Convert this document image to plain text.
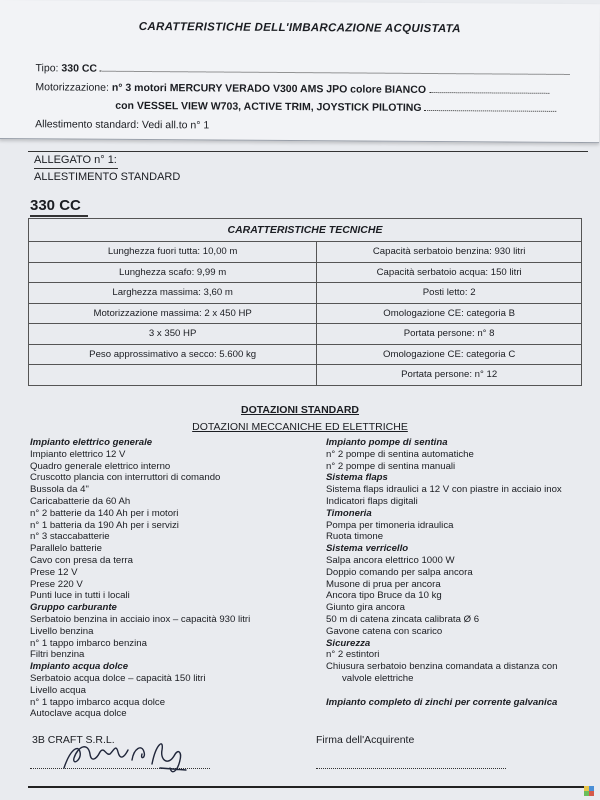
CARATTERISTICHE DELL'IMBARCAZIONE ACQUISTATA
Tipo: 330 CC
Motorizzazione: n° 3 motori MERCURY VERADO V300 AMS JPO colore BIANCO
con VESSEL VIEW W703, ACTIVE TRIM, JOYSTICK PILOTING
Allestimento standard: Vedi all.to n° 1
ALLEGATO n° 1:
ALLESTIMENTO STANDARD
330 CC
CARATTERISTICHE TECNICHE	
Lunghezza fuori tutta: 10,00 m	Capacità serbatoio benzina: 930 litri
Lunghezza scafo: 9,99 m	Capacità serbatoio acqua: 150 litri
Larghezza massima: 3,60 m	Posti letto: 2
Motorizzazione massima: 2 x 450 HP	Omologazione CE: categoria B
3 x 350 HP	Portata persone: n° 8
Peso approssimativo a secco: 5.600 kg	Omologazione CE: categoria C
	Portata persone: n° 12
DOTAZIONI STANDARD
DOTAZIONI MECCANICHE ED ELETTRICHE
Impianto elettrico generale
Impianto elettrico 12 V
Quadro generale elettrico interno
Cruscotto plancia con interruttori di comando
Bussola da 4"
Caricabatterie da 60 Ah
n° 2 batterie da 140 Ah per i motori
n° 1 batteria da 190 Ah per i servizi
n° 3 staccabatterie
Parallelo batterie
Cavo con presa da terra
Prese 12 V
Prese 220 V
Punti luce in tutti i locali
Gruppo carburante
Serbatoio benzina in acciaio inox – capacità 930 litri
Livello benzina
n° 1 tappo imbarco benzina
Filtri benzina
Impianto acqua dolce
Serbatoio acqua dolce – capacità 150 litri
Livello acqua
n° 1 tappo imbarco acqua dolce
Autoclave acqua dolce
Impianto pompe di sentina
n° 2 pompe di sentina automatiche
n° 2 pompe di sentina manuali
Sistema flaps
Sistema flaps idraulici a 12 V con piastre in acciaio inox
Indicatori flaps digitali
Timoneria
Pompa per timoneria idraulica
Ruota timone
Sistema verricello
Salpa ancora elettrico 1000 W
Doppio comando per salpa ancora
Musone di prua per ancora
Ancora tipo Bruce da 10 kg
Giunto gira ancora
50 m di catena zincata calibrata Ø 6
Gavone catena con scarico
Sicurezza
n° 2 estintori
Chiusura serbatoio benzina comandata a distanza con
valvole elettriche

Impianto completo di zinchi per corrente galvanica
3B CRAFT S.R.L.	Firma dell'Acquirente
